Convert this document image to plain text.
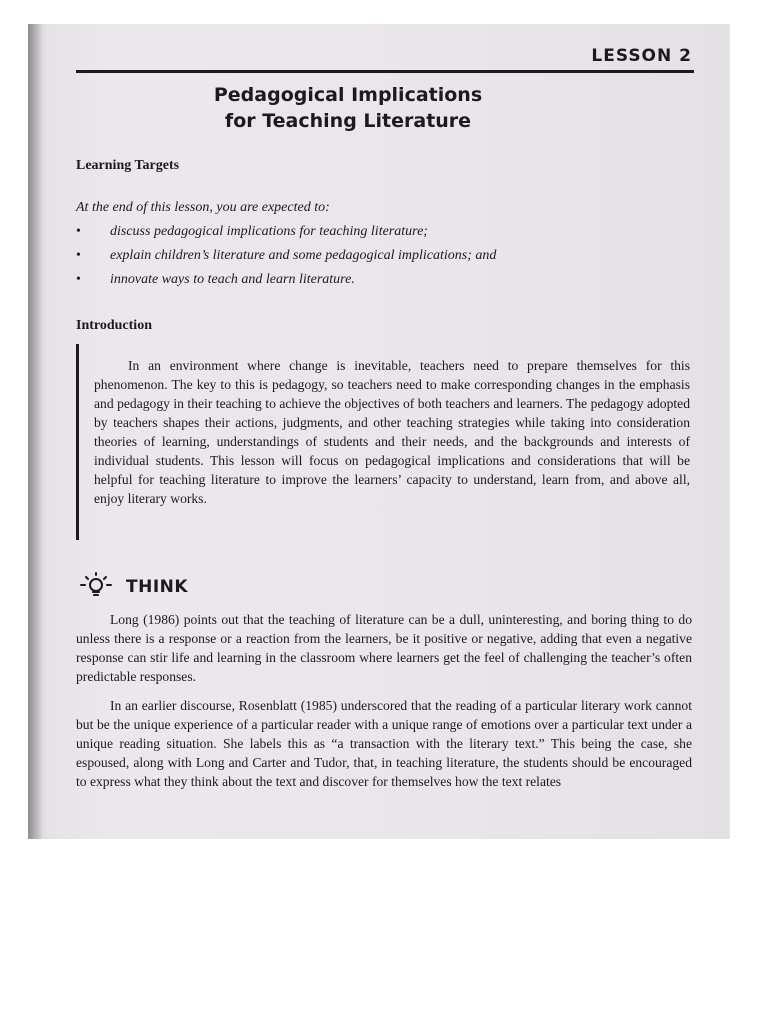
LESSON 2
Pedagogical Implications
for Teaching Literature
Learning Targets
At the end of this lesson, you are expected to:
• discuss pedagogical implications for teaching literature;
• explain children’s literature and some pedagogical implications; and
• innovate ways to teach and learn literature.
Introduction

In an environment where change is inevitable, teachers need to prepare themselves for this phenomenon. The key to this is pedagogy, so teachers need to make corresponding changes in the emphasis and pedagogy in their teaching to achieve the objectives of both teachers and learners. The pedagogy adopted by teachers shapes their actions, judgments, and other teaching strategies while taking into consideration theories of learning, understandings of students and their needs, and the backgrounds and interests of individual students. This lesson will focus on pedagogical implications and considerations that will be helpful for teaching literature to improve the learners’ capacity to understand, learn from, and above all, enjoy literary works.

THINK

Long (1986) points out that the teaching of literature can be a dull, uninteresting, and boring thing to do unless there is a response or a reaction from the learners, be it positive or negative, adding that even a negative response can stir life and learning in the classroom where learners get the feel of challenging the teacher’s often predictable responses.

In an earlier discourse, Rosenblatt (1985) underscored that the reading of a particular literary work cannot but be the unique experience of a particular reader with a unique range of emotions over a particular text under a unique reading situation. She labels this as “a transaction with the literary text.” This being the case, she espoused, along with Long and Carter and Tudor, that, in teaching literature, the students should be encouraged to express what they think about the text and discover for themselves how the text relates
